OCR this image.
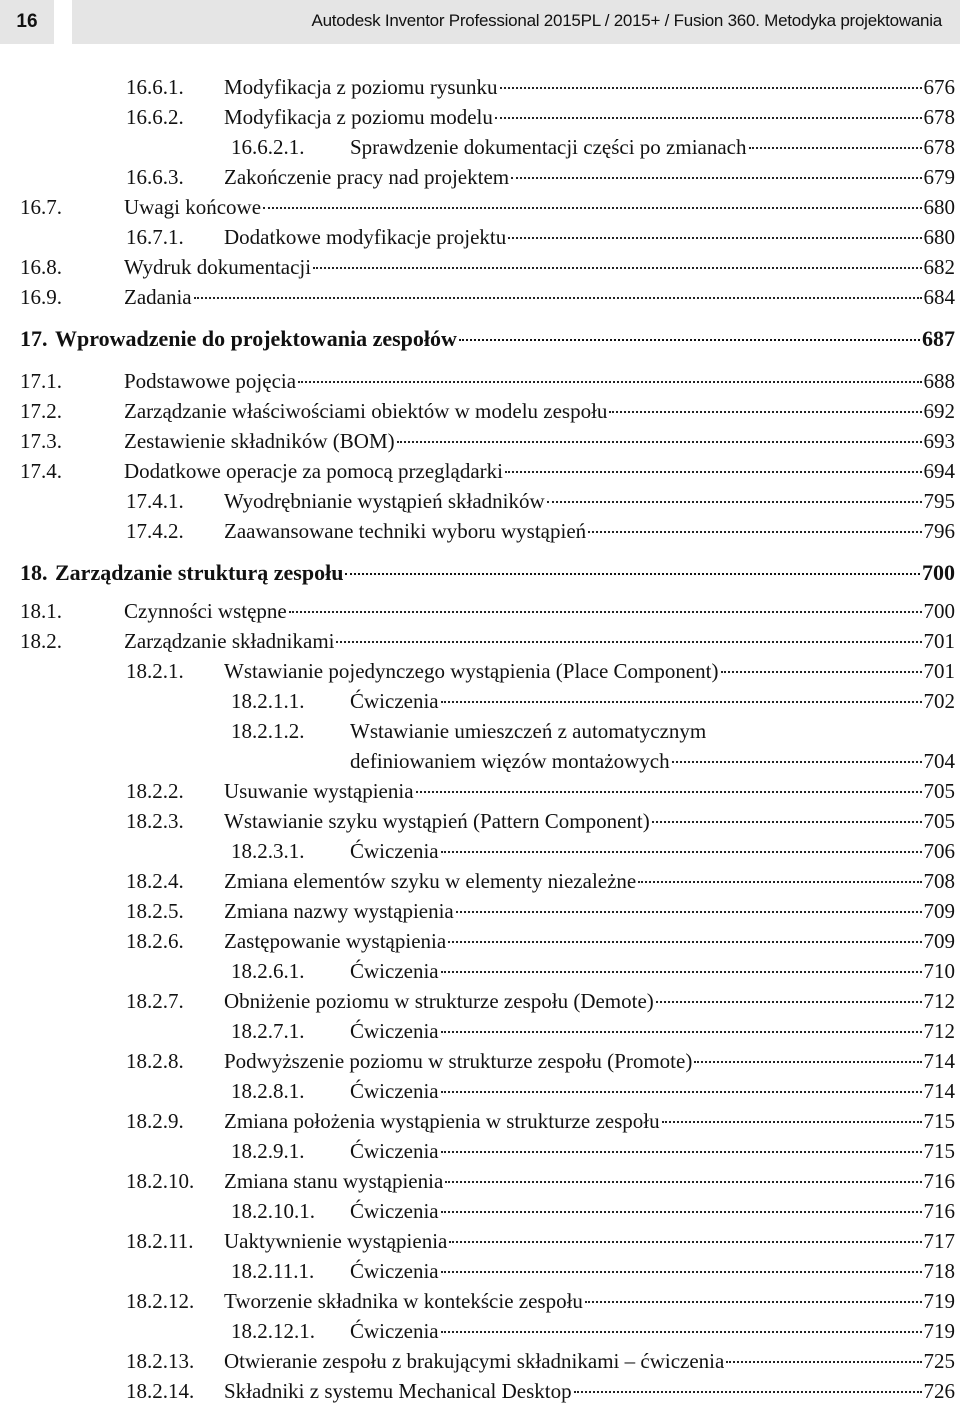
16	Autodesk Inventor Professional 2015PL / 2015+ / Fusion 360. Metodyka projektowania
16.6.1.	Modyfikacja z poziomu rysunku	676
16.6.2.	Modyfikacja z poziomu modelu	678
16.6.2.1.	Sprawdzenie dokumentacji części po zmianach	678
16.6.3.	Zakończenie pracy nad projektem	679
16.7.	Uwagi końcowe	680
16.7.1.	Dodatkowe modyfikacje projektu	680
16.8.	Wydruk dokumentacji	682
16.9.	Zadania	684
17. Wprowadzenie do projektowania zespołów	687
17.1.	Podstawowe pojęcia	688
17.2.	Zarządzanie właściwościami obiektów w modelu zespołu	692
17.3.	Zestawienie składników (BOM)	693
17.4.	Dodatkowe operacje za pomocą przeglądarki	694
17.4.1.	Wyodrębnianie wystąpień składników	795
17.4.2.	Zaawansowane techniki wyboru wystąpień	796
18. Zarządzanie strukturą zespołu	700
18.1.	Czynności wstępne	700
18.2.	Zarządzanie składnikami	701
18.2.1.	Wstawianie pojedynczego wystąpienia (Place Component)	701
18.2.1.1.	Ćwiczenia	702
18.2.1.2.	Wstawianie umieszczeń z automatycznym
definiowaniem więzów montażowych	704
18.2.2.	Usuwanie wystąpienia	705
18.2.3.	Wstawianie szyku wystąpień (Pattern Component)	705
18.2.3.1.	Ćwiczenia	706
18.2.4.	Zmiana elementów szyku w elementy niezależne	708
18.2.5.	Zmiana nazwy wystąpienia	709
18.2.6.	Zastępowanie wystąpienia	709
18.2.6.1.	Ćwiczenia	710
18.2.7.	Obniżenie poziomu w strukturze zespołu (Demote)	712
18.2.7.1.	Ćwiczenia	712
18.2.8.	Podwyższenie poziomu w strukturze zespołu (Promote)	714
18.2.8.1.	Ćwiczenia	714
18.2.9.	Zmiana położenia wystąpienia w strukturze zespołu	715
18.2.9.1.	Ćwiczenia	715
18.2.10.	Zmiana stanu wystąpienia	716
18.2.10.1.	Ćwiczenia	716
18.2.11.	Uaktywnienie wystąpienia	717
18.2.11.1.	Ćwiczenia	718
18.2.12.	Tworzenie składnika w kontekście zespołu	719
18.2.12.1.	Ćwiczenia	719
18.2.13.	Otwieranie zespołu z brakującymi składnikami – ćwiczenia	725
18.2.14.	Składniki z systemu Mechanical Desktop	726
